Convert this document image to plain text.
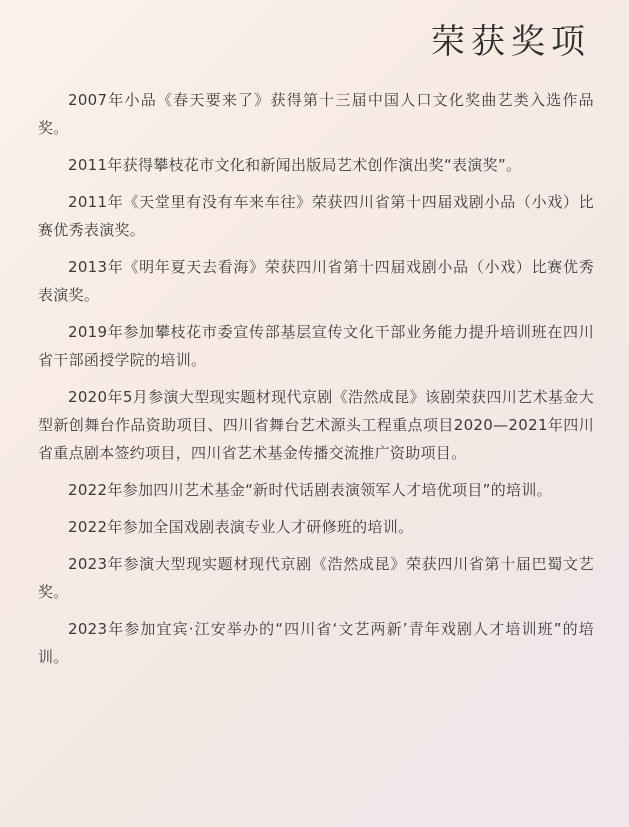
荣获奖项
2007年小品《春天要来了》获得第十三届中国人口文化奖曲艺类入选作品奖。
2011年获得攀枝花市文化和新闻出版局艺术创作演出奖“表演奖”。
2011年《天堂里有没有车来车往》荣获四川省第十四届戏剧小品（小戏）比赛优秀表演奖。
2013年《明年夏天去看海》荣获四川省第十四届戏剧小品（小戏）比赛优秀表演奖。
2019年参加攀枝花市委宣传部基层宣传文化干部业务能力提升培训班在四川省干部函授学院的培训。
2020年5月参演大型现实题材现代京剧《浩然成昆》该剧荣获四川艺术基金大型新创舞台作品资助项目、四川省舞台艺术源头工程重点项目2020—2021年四川省重点剧本签约项目，四川省艺术基金传播交流推广资助项目。
2022年参加四川艺术基金“新时代话剧表演领军人才培优项目”的培训。
2022年参加全国戏剧表演专业人才研修班的培训。
2023年参演大型现实题材现代京剧《浩然成昆》荣获四川省第十届巴蜀文艺奖。
2023年参加宜宾·江安举办的“四川省‘文艺两新’青年戏剧人才培训班”的培训。
